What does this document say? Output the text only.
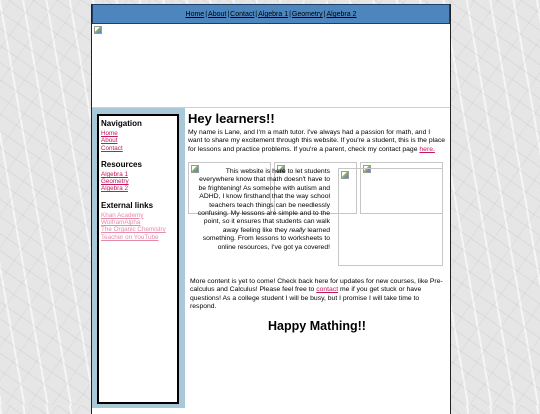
Home|About|Contact|Algebra 1|Geometry|Algebra 2
Navigation
Home
About
Contact
Resources
Algebra 1
Geometry
Algebra 2
External links
Khan Academy
WolframAlpha
The Organic Chemistry Teacher on YouTube
Hey learners!!

My name is Lane, and I'm a math tutor. I've always had a passion for math, and I want to share my excitement through this website. If you're a student, this is the place for lessons and practice problems. If you're a parent, check my contact page here.

This website is here to let students everywhere know that math doesn't have to be frightening! As someone with autism and ADHD, I know firsthand that the way school teachers teach things can be needlessly confusing. My lessons are simple and to the point, so it ensures that students can walk away feeling like they really learned something. From lessons to worksheets to online resources, I've got ya covered!

More content is yet to come! Check back here for updates for new courses, like Pre-calculus and Calculus! Please feel free to contact me if you get stuck or have questions! As a college student I will be busy, but I promise I will take time to respond.

Happy Mathing!!
